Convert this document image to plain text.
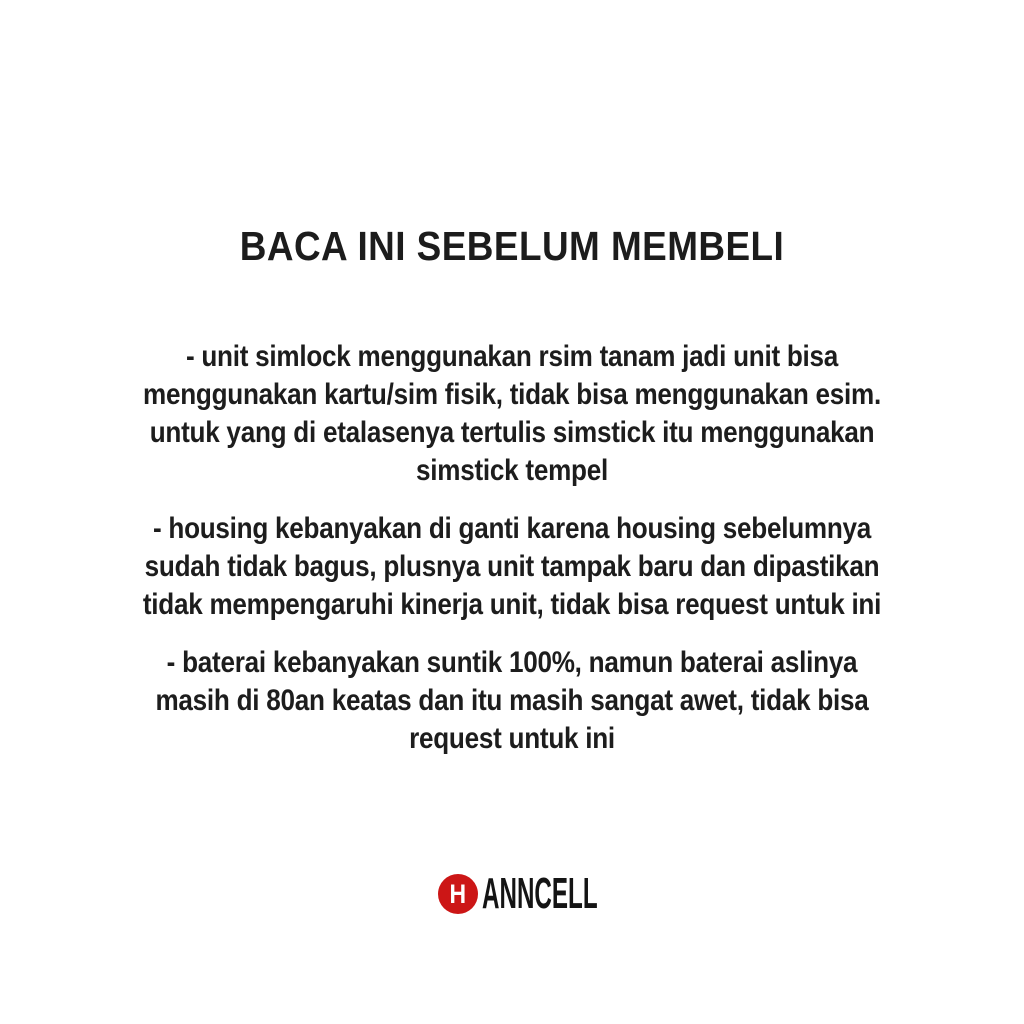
BACA INI SEBELUM MEMBELI

- unit simlock menggunakan rsim tanam jadi unit bisa
menggunakan kartu/sim fisik, tidak bisa menggunakan esim.
untuk yang di etalasenya tertulis simstick itu menggunakan
simstick tempel

- housing kebanyakan di ganti karena housing sebelumnya
sudah tidak bagus, plusnya unit tampak baru dan dipastikan
tidak mempengaruhi kinerja unit, tidak bisa request untuk ini

- baterai kebanyakan suntik 100%, namun baterai aslinya
masih di 80an keatas dan itu masih sangat awet, tidak bisa
request untuk ini

H ANNCELL
